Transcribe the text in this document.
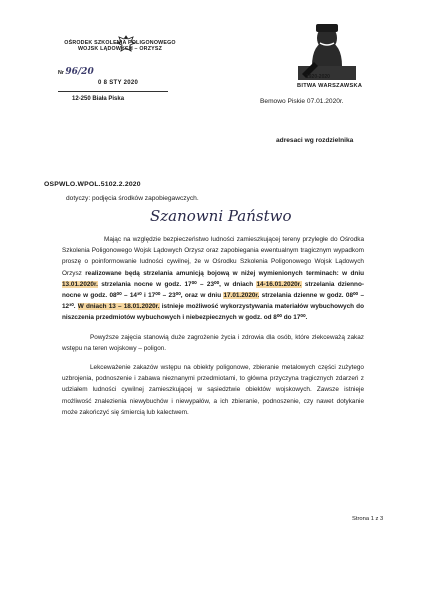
OŚRODEK SZKOLENIA POLIGONOWEGO
WOJSK LĄDOWYCH – ORZYSZ
Nr 96/20
0 8 STY 2020
12-250 Biała Piska
1920-2020
BITWA WARSZAWSKA
Bemowo Piskie 07.01.2020r.
adresaci wg rozdzielnika
OSPWLO.WPOL.5102.2.2020
dotyczy: podjęcia środków zapobiegawczych.
Szanowni Państwo

Mając na względzie bezpieczeństwo ludności zamieszkującej tereny przyległe do Ośrodka Szkolenia Poligonowego Wojsk Lądowych Orzysz oraz zapobiegania ewentualnym tragicznym wypadkom proszę o poinformowanie ludności cywilnej, że w Ośrodku Szkolenia Poligonowego Wojsk Lądowych Orzysz realizowane będą strzelania amunicją bojową w niżej wymienionych terminach: w dniu 13.01.2020r. strzelania nocne w godz. 17⁰⁰ – 23⁰⁰, w dniach 14-16.01.2020r. strzelania dzienno-nocne w godz. 08⁰⁰ – 14³⁰ i 17⁰⁰ – 23⁰⁰, oraz w dniu 17.01.2020r. strzelania dzienne w godz. 08⁰⁰ – 12³⁰. W dniach 13 – 18.01.2020r. istnieje możliwość wykorzystywania materiałów wybuchowych do niszczenia przedmiotów wybuchowych i niebezpiecznych w godz. od 8⁰⁰ do 17⁰⁰.

Powyższe zajęcia stanowią duże zagrożenie życia i zdrowia dla osób, które zlekceważą zakaz wstępu na teren wojskowy – poligon.

Lekceważenie zakazów wstępu na obiekty poligonowe, zbieranie metalowych części zużytego uzbrojenia, podnoszenie i zabawa nieznanymi przedmiotami, to główna przyczyna tragicznych zdarzeń z udziałem ludności cywilnej zamieszkującej w sąsiedztwie obiektów wojskowych. Zawsze istnieje możliwość znalezienia niewybuchów i niewypałów, a ich zbieranie, podnoszenie, czy nawet dotykanie może zakończyć się śmiercią lub kalectwem.

Strona 1 z 3
